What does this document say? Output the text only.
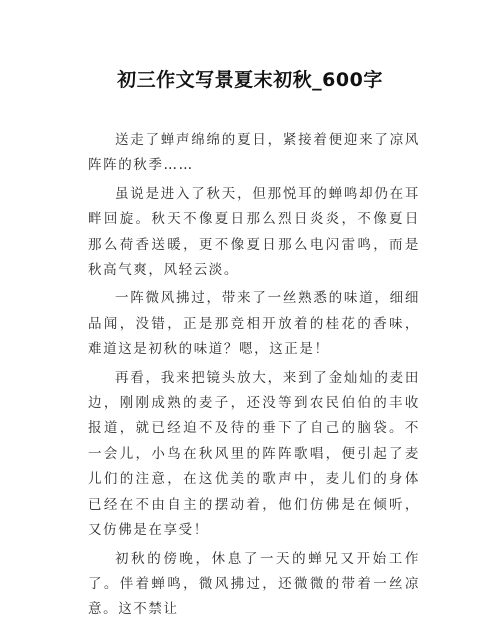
初三作文写景夏末初秋_600字

送走了蝉声绵绵的夏日，紧接着便迎来了凉风阵阵的秋季……

虽说是进入了秋天，但那悦耳的蝉鸣却仍在耳畔回旋。秋天不像夏日那么烈日炎炎，不像夏日那么荷香送暖，更不像夏日那么电闪雷鸣，而是秋高气爽，风轻云淡。

一阵微风拂过，带来了一丝熟悉的味道，细细品闻，没错，正是那竞相开放着的桂花的香味，难道这是初秋的味道？嗯，这正是！

再看，我来把镜头放大，来到了金灿灿的麦田边，刚刚成熟的麦子，还没等到农民伯伯的丰收报道，就已经迫不及待的垂下了自己的脑袋。不一会儿，小鸟在秋风里的阵阵歌唱，便引起了麦儿们的注意，在这优美的歌声中，麦儿们的身体已经在不由自主的摆动着，他们仿佛是在倾听，又仿佛是在享受！

初秋的傍晚，休息了一天的蝉兄又开始工作了。伴着蝉鸣，微风拂过，还微微的带着一丝凉意。这不禁让
